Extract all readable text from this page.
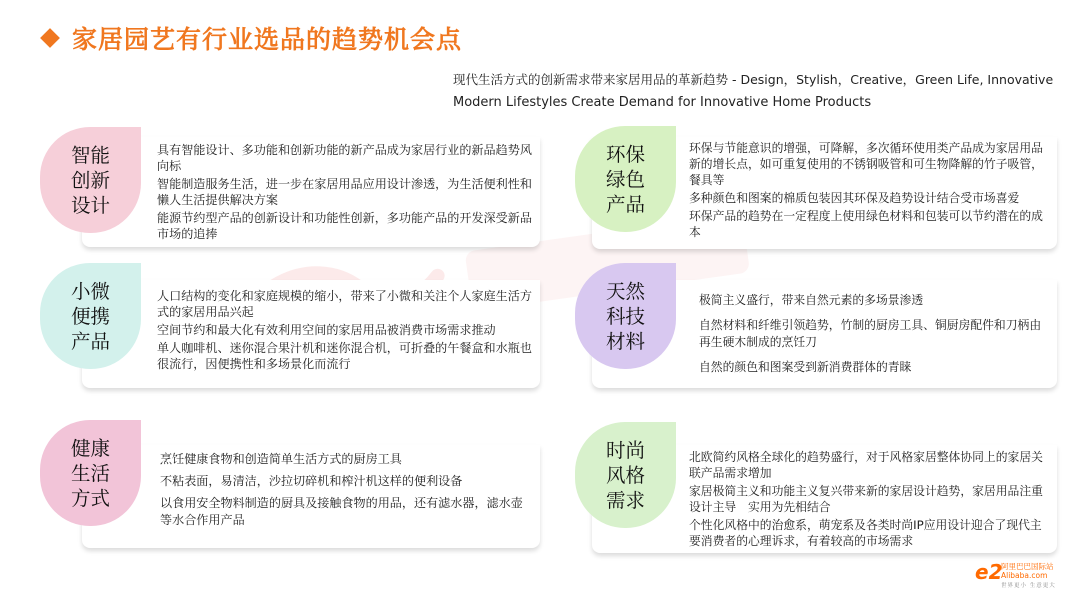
家居园艺有行业选品的趋势机会点
现代生活方式的创新需求带来家居用品的革新趋势 - Design，Stylish，Creative，Green Life, Innovative
Modern Lifestyles Create Demand for Innovative Home Products

具有智能设计、多功能和创新功能的新产品成为家居行业的新品趋势风向标

智能制造服务生活，进一步在家居用品应用设计渗透，为生活便利性和懒人生活提供解决方案

能源节约型产品的创新设计和功能性创新，多功能产品的开发深受新品市场的追捧

智能创新设计

环保与节能意识的增强，可降解，多次循环使用类产品成为家居用品新的增长点，如可重复使用的不锈钢吸管和可生物降解的竹子吸管，餐具等

多种颜色和图案的棉质包装因其环保及趋势设计结合受市场喜爱

环保产品的趋势在一定程度上使用绿色材料和包装可以节约潜在的成本

环保绿色产品

人口结构的变化和家庭规模的缩小，带来了小微和关注个人家庭生活方式的家居用品兴起

空间节约和最大化有效利用空间的家居用品被消费市场需求推动

单人咖啡机、迷你混合果汁机和迷你混合机，可折叠的午餐盒和水瓶也很流行，因便携性和多场景化而流行

小微便携产品

极简主义盛行，带来自然元素的多场景渗透

自然材料和纤维引领趋势，竹制的厨房工具、铜厨房配件和刀柄由再生硬木制成的烹饪刀

自然的颜色和图案受到新消费群体的青睐

天然科技材料

烹饪健康食物和创造简单生活方式的厨房工具

不粘表面，易清洁，沙拉切碎机和榨汁机这样的便利设备

以食用安全物料制造的厨具及接触食物的用品，还有滤水器，滤水壶等水合作用产品

健康生活方式

北欧简约风格全球化的趋势盛行，对于风格家居整体协同上的家居关联产品需求增加

家居极简主义和功能主义复兴带来新的家居设计趋势，家居用品注重设计主导　实用为先相结合

个性化风格中的治愈系，萌宠系及各类时尚IP应用设计迎合了现代主要消费者的心理诉求，有着较高的市场需求

时尚风格需求
e2
阿里巴巴国际站 Alibaba.com
世界更小 生意更大
